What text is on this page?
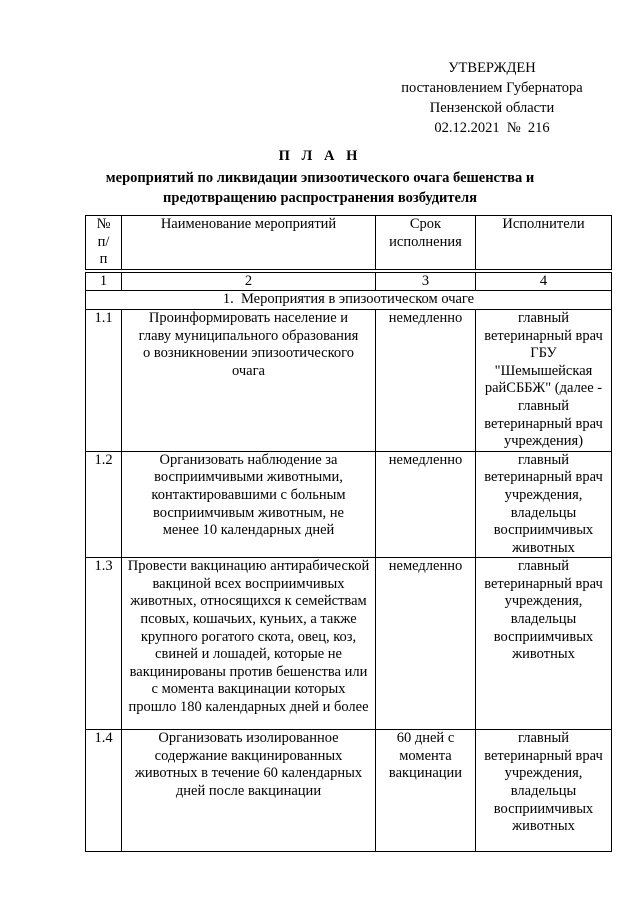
УТВЕРЖДЕН
постановлением Губернатора
Пензенской области
02.12.2021  №  216
П Л А Н
мероприятий по ликвидации эпизоотического очага бешенства и
предотвращению распространения возбудителя
№ п/п	Наименование мероприятий	Срок исполнения	Исполнители

1	2	3	4
1.  Мероприятия в эпизоотическом очаге			
1.1	Проинформировать население и главу муниципального образования о возникновении эпизоотического очага	немедленно	главный ветеринарный врач ГБУ "Шемышейская райСББЖ" (далее - главный ветеринарный врач учреждения)
1.2	Организовать наблюдение за восприимчивыми животными, контактировавшими с больным восприимчивым животным, не менее 10 календарных дней	немедленно	главный ветеринарный врач учреждения, владельцы восприимчивых животных
1.3	Провести вакцинацию антирабической вакциной всех восприимчивых животных, относящихся к семействам псовых, кошачьих, куньих, а также крупного рогатого скота, овец, коз, свиней и лошадей, которые не вакцинированы против бешенства или с момента вакцинации которых прошло 180 календарных дней и более	немедленно	главный ветеринарный врач учреждения, владельцы восприимчивых животных
1.4	Организовать изолированное содержание вакцинированных животных в течение 60 календарных дней после вакцинации	60 дней с момента вакцинации	главный ветеринарный врач учреждения, владельцы восприимчивых животных
